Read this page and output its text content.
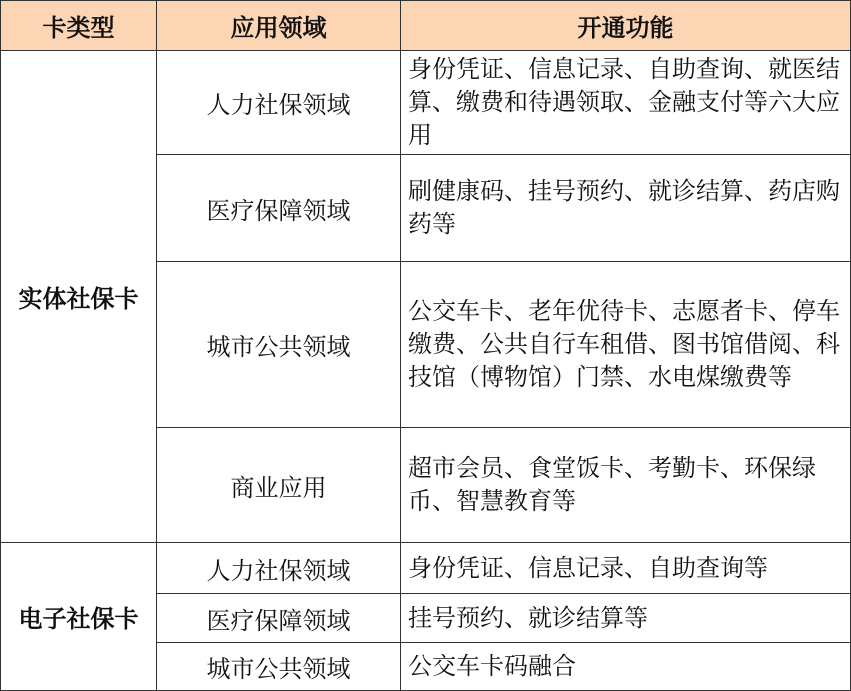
卡类型	应用领域	开通功能
实体社保卡	人力社保领域	身份凭证、信息记录、自助查询、就医结算、缴费和待遇领取、金融支付等六大应用
	医疗保障领域	刷健康码、挂号预约、就诊结算、药店购药等
	城市公共领域	公交车卡、老年优待卡、志愿者卡、停车缴费、公共自行车租借、图书馆借阅、科技馆（博物馆）门禁、水电煤缴费等
	商业应用	超市会员、食堂饭卡、考勤卡、环保绿币、智慧教育等
电子社保卡	人力社保领域	身份凭证、信息记录、自助查询等
	医疗保障领域	挂号预约、就诊结算等
	城市公共领域	公交车卡码融合
